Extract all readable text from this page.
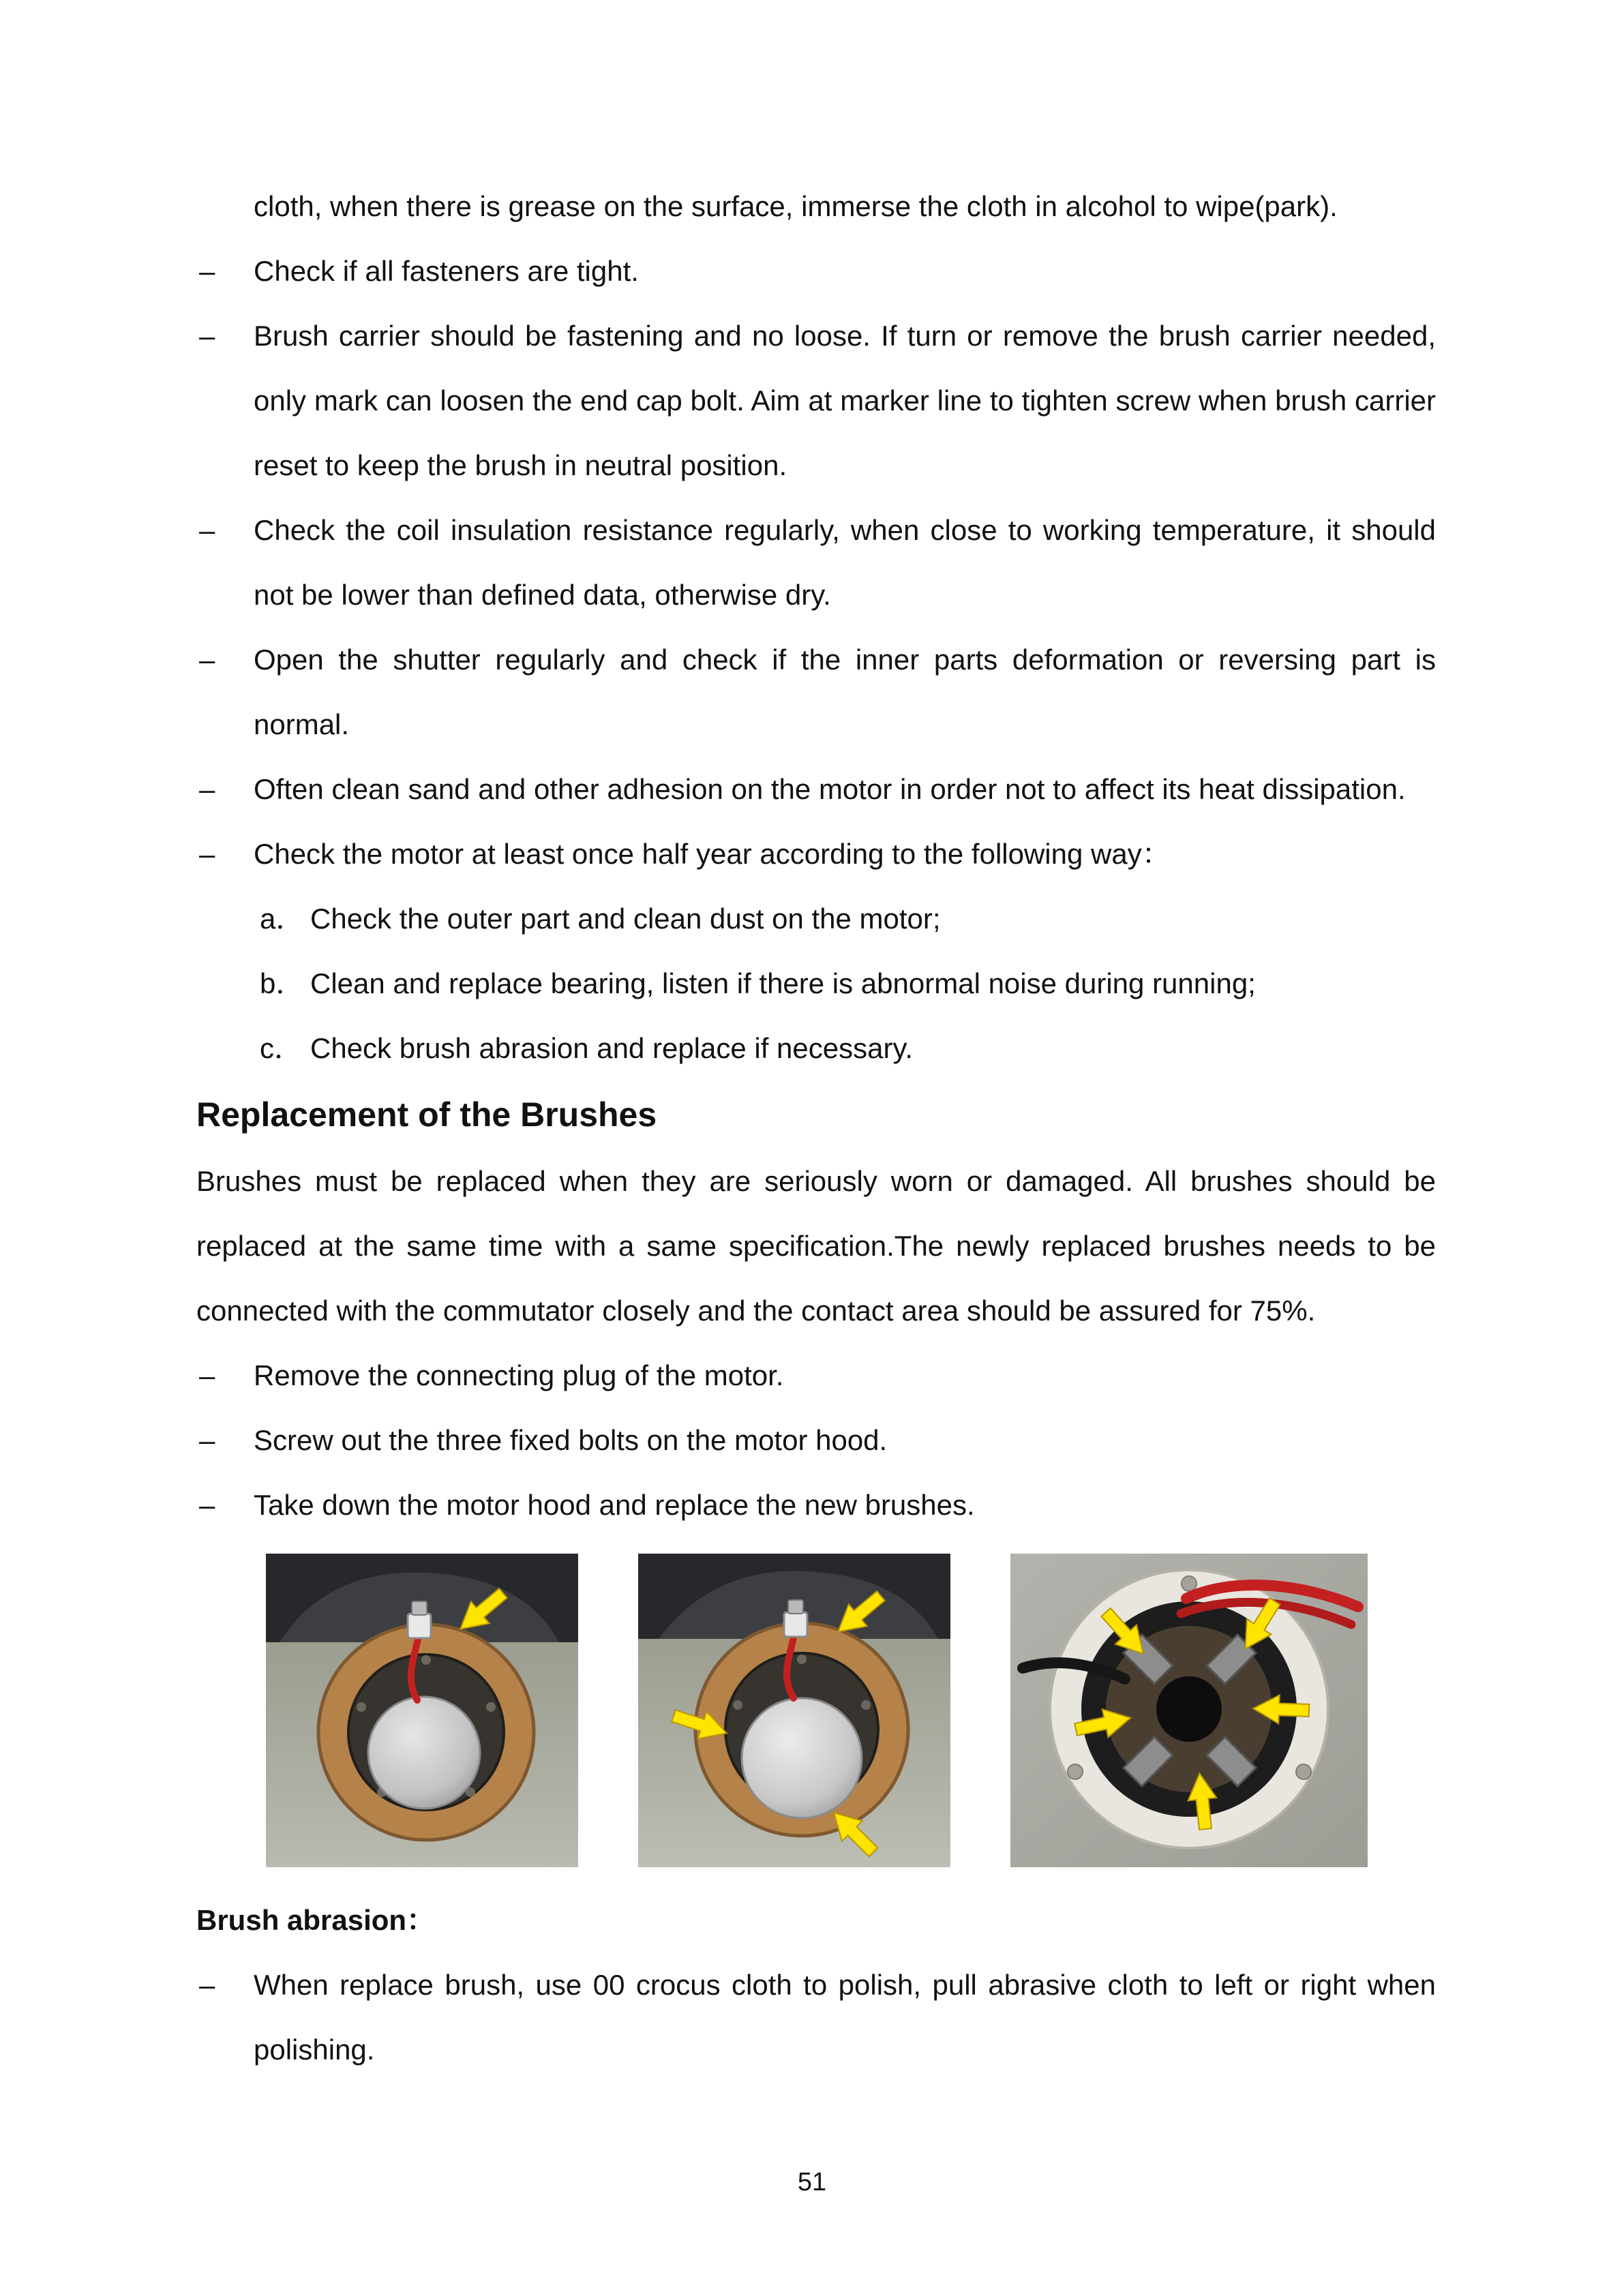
cloth, when there is grease on the surface, immerse the cloth in alcohol to wipe(park).
– Check if all fasteners are tight.
– Brush carrier should be fastening and no loose. If turn or remove the brush carrier needed, only mark can loosen the end cap bolt. Aim at marker line to tighten screw when brush carrier reset to keep the brush in neutral position.
– Check the coil insulation resistance regularly, when close to working temperature, it should not be lower than defined data, otherwise dry.
– Open the shutter regularly and check if the inner parts deformation or reversing part is normal.
– Often clean sand and other adhesion on the motor in order not to affect its heat dissipation.
– Check the motor at least once half year according to the following way：
a． Check the outer part and clean dust on the motor;
b． Clean and replace bearing, listen if there is abnormal noise during running;
c． Check brush abrasion and replace if necessary.
Replacement of the Brushes
Brushes must be replaced when they are seriously worn or damaged. All brushes should be replaced at the same time with a same specification.The newly replaced brushes needs to be connected with the commutator closely and the contact area should be assured for 75%.
– Remove the connecting plug of the motor.
– Screw out the three fixed bolts on the motor hood.
– Take down the motor hood and replace the new brushes.
Brush abrasion：
– When replace brush, use 00 crocus cloth to polish, pull abrasive cloth to left or right when polishing.
51
